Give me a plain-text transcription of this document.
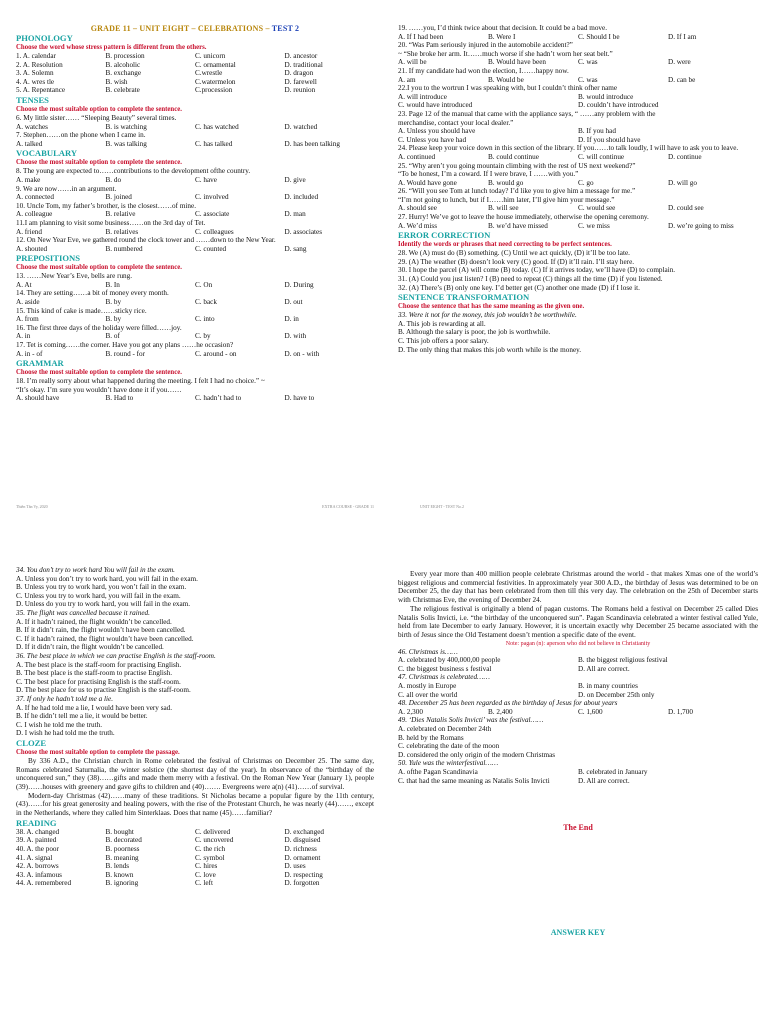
GRADE 11 – UNIT EIGHT – CELEBRATIONS – TEST 2
PHONOLOGY
Choose the word whose stress pattern is different from the others.
1. A. calendar	B. procession	C. unicorn	D. ancestor
2. A. Resolution	B. alcoholic	C. ornamental	D. traditional
3. A. Solemn	B. exchange	C.wrestle	D. dragon
4. A. wres tle	B. wish	C.watermelon	D. farewell
5. A. Repentance	B. celebrate	C.procession	D. reunion
TENSES
Choose the most suitable option to complete the sentence.
6. My little sister…… “Sleeping Beauty” several times.
A. watches	B. is watching	C. has watched	D. watched
7. Stephen……on the phone when I came in.
A. talked	B. was talking	C. has talked	D. has been talking
VOCABULARY
Choose the most suitable option to complete the sentence.
8. The young are expected to……contributions to the development ofthe country.
A. make	B. do	C. have	D. give
9. We are now……in an argument.
A. connected	B. joined	C. involved	D. included
10. Uncle Tom, my father’s brother, is the closest……of mine.
A. colleague	B. relative	C. associate	D. man
11.I am planning to visit some business……on the 3rd day of Tet.
A. friend	B. relatives	C. colleagues	D. associates
12. On New Year Eve, we gathered round the clock tower and ……down to the New Year.
A. shouted	B. numbered	C. counted	D. sang
PREPOSITIONS
Choose the most suitable option to complete the sentence.
13. ……New Year’s Eve, bells are rung.
A. At	B. In	C. On	D. During
14. They are setting……a bit of money every month.
A. aside	B. by	C. back	D. out
15. This kind of cake is made……sticky rice.
A. from	B. by	C. into	D. in
16. The first three days of the holiday were filled……joy.
A. in	B. of	C. by	D. with
17. Tet is coming……the corner. Have you got any plans ……he occasion?
A. in - of	B. round - for	C. around - on	D. on - with
GRAMMAR
Choose the most suitable option to complete the sentence.
18. I’m really sorry about what happened during the meeting. I felt I had no choice.” ~
“It’s okay. I’m sure you wouldn’t have done it if you……
A. should have	B. Had to	C. hadn’t had to	D. have to
Thiên Tân Vy, 2020	EXTRA COURSE - GRADE 11
19. ……you, I’d think twice about that decision. It could be a bad move.
A. If I had been	B. Were I	C. Should I be	D. If I am
20. “Was Pam seriously injured in the automobile accident?”
~ “She broke her arm. It……much worse if she hadn’t worn her seat belt.”
A. will be	B. Would have been	C. was	D. were
21. If my candidate had won the election, I……happy now.
A. am	B. Would be	C. was	D. can be
22.I you to the wortrun I was speaking with, but I couldn’t think ofher name
A. will introduce	B. would introduce
C. would have introduced	D. couldn’t have introduced
23. Page 12 of the manual that came with the appliance says, “ ……any problem with the
merchandise, contact your local dealer.”
A. Unless you should have	B. If you had
C. Unless you have had	D. If you should have
24. Please keep your voice down in this section of the library. If you……to talk loudly, I will have to ask you to leave.
A. continued	B. could continue	C. will continue	D. continue
25. “Why aren’t you going mountain climbing with the rest of US next weekend?”
“To be honest, I’m a coward. If I were brave, I ……with you.”
A. Would have gone	B. would go	C. go	D. will go
26. “Will you see Tom at lunch today? I’d like you to give him a message for me.”
“I’m not going to lunch, but if I……him later, I’ll give him your message.”
A. should see	B. will see	C. would see	D. could see
27. Hurry! We’ve got to leave the house immediately, otherwise the opening ceremony.
A. We’d miss	B. we’d have missed	C. we miss	D. we’re going to miss
ERROR CORRECTION
Identify the words or phrases that need correcting to be perfect sentences.
28. We (A) must do (B) something. (C) Until we act quickly, (D) it’ll be too late.
29. (A) The weather (B) doesn’t look very (C) good. If (D) it’ll rain. I’ll stay here.
30. I hope the parcel (A) will come (B) today. (C) If it arrives today, we’ll have (D) to complain.
31. (A) Could you just listen? I (B) need to repeat (C) things all the time (D) if you listened.
32. (A) There’s (B) only one key. I’d better get (C) another one made (D) if I lose it.
SENTENCE TRANSFORMATION
Choose the sentence that has the same meaning as the given one.
33. Were it not for the money, this job wouldn’t be worthwhile.
A. This job is rewarding at all.
B. Although the salary is poor, the job is worthwhile.
C. This job offers a poor salary.
D. The only thing that makes this job worth while is the money.
UNIT EIGHT - TEST No.2
34. You don’t try to work hard You will fail in the exam.
A. Unless you don’t try to work hard, you will fail in the exam.
B. Unless you try to work hard, you won’t fail in the exam.
C. Unless you try to work hard, you will fail in the exam.
D. Unless do you try to work hard, you will fail in the exam.
35. The flight was cancelled because it rained.
A. If it hadn’t rained, the flight wouldn’t be cancelled.
B. If it didn’t rain, the flight wouldn’t have been cancelled.
C. If it hadn’t rained, the flight wouldn’t have been cancelled.
D. If it didn’t rain, the flight wouldn’t be cancelled.
36. The best place in which we can practise English is the staff-room.
A. The best place is the staff-room for practising English.
B. The best place is the staff-room to practise English.
C. The best place for practising English is the staff-room.
D. The best place for us to practise English is the staff-room.
37. If only he hadn’t told me a lie.
A. If he had told me a lie, I would have been very sad.
B. If he didn’t tell me a lie, it would be better.
C. I wish he told me the truth.
D. I wish he had told me the truth.
CLOZE
Choose the most suitable option to complete the passage.
By 336 A.D., the Christian church in Rome celebrated the festival of Christmas on December 25. The same day, Romans celebrated Saturnalia, the winter solstice (the shortest day of the year). In observance of the “birthday of the unconquered sun,” they (38)……gifts and made them merry with a festival. On the Roman New Year (January 1), people (39)……houses with greenery and gave gifts to children and (40)……. Evergreens were a(n) (41)……of survival.
Modern-day Christmas (42)……many of these traditions. St Nicholas became a popular figure by the 11th century, (43)……for his great generosity and healing powers, with the rise of the Protestant Church, he was nearly (44)……, except in the Netherlands, where they called him Sinterklaas. Does that name (45)……familiar?
READING
38. A. changed	B. bought	C. delivered	D. exchanged
39. A. painted	B. decorated	C. uncovered	D. disguised
40. A. the poor	B. poorness	C. the rich	D. richness
41. A. signal	B. meaning	C. symbol	D. ornament
42. A. borrows	B. lends	C. hires	D. uses
43. A. infamous	B. known	C. love	D. respecting
44. A. remembered	B. ignoring	C. left	D. forgotten
Every year more than 400 million people celebrate Christmas around the world - that makes Xmas one of the world’s biggest religious and commercial festivities. In approximately year 300 A.D., the birthday of Jesus was determined to be on December 25, the day that has been celebrated from then till this very day. The celebration on the 25th of December starts with Christmas Eve, the evening of December 24.
The religious festival is originally a blend of pagan customs. The Romans held a festival on December 25 called Dies Natalis Solis Invicti, i.e. “the birthday of the unconquered sun”. Pagan Scandinavia celebrated a winter festival called Yule, held from late December to early January. However, it is uncertain exactly why December 25 became associated with the birth of Jesus since the Old Testament doesn’t mention a specific date of the event.
Note: pagan (n): aperson who did not believe in Christianity
46. Christmas is……
A. celebrated by 400,000,00 people	B. the biggest religious festival
C. the biggest business s festival	D. All are correct.
47. Christmas is celebrated……
A. mostly in Europe	B. in many countries
C. all over the world	D. on December 25th only
48. December 25 has been regarded as the birthday of Jesus for about years
A. 2,300	B. 2,400	C. 1,600	D. 1,700
49. ‘Dies Natalis Solis Invicti’ was the festival……
A. celebrated on December 24th
B. held by the Romans
C. celebrating the date of the moon
D. considered the only origin of the modern Christmas
50. Yule was the winterfestival……
A. ofthe Pagan Scandinavia	B. celebrated in January
C. that had the same meaning as Natalis Solis Invicti	D. All are correct.
The End
ANSWER KEY
